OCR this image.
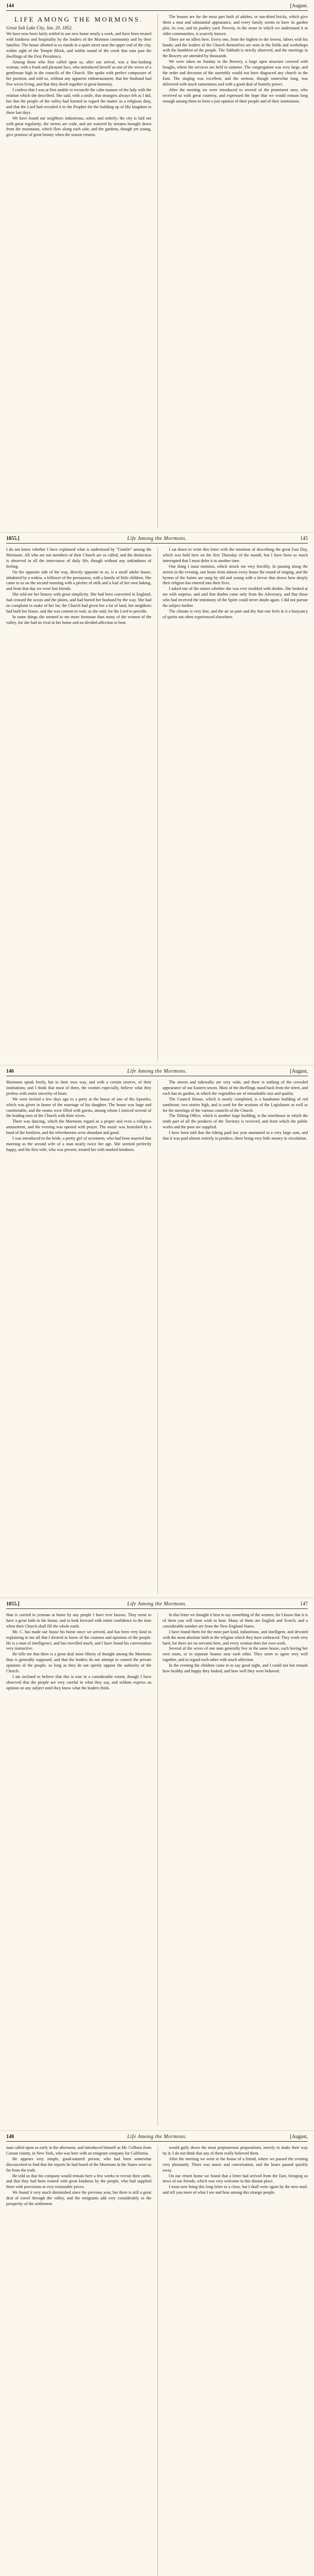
144	[August.
LIFE AMONG THE MORMONS.
Great Salt Lake City, Jan. 20, 1852.

We have now been fairly settled in our new home nearly a week, and have been treated with kindness and hospitality by the leaders of the Mormon community and by their families. The house allotted to us stands in a quiet street near the upper end of the city, within sight of the Temple Block, and within sound of the creek that runs past the dwellings of the First Presidency.

Among those who first called upon us, after our arrival, was a fine-looking woman, with a frank and pleasant face, who introduced herself as one of the wives of a gentleman high in the councils of the Church. She spoke with perfect composure of her position, and told us, without any apparent embarrassment, that her husband had five wives living, and that they dwelt together in great harmony.

I confess that I was at first unable to reconcile the calm manner of the lady with the relation which she described. She said, with a smile, that strangers always felt as I did, but that the people of the valley had learned to regard the matter as a religious duty, and that the Lord had revealed it to the Prophet for the building up of His kingdom in these last days.

We have found our neighbors industrious, sober, and orderly; the city is laid out with great regularity; the streets are wide, and are watered by streams brought down from the mountains, which flow along each side; and the gardens, though yet young, give promise of great beauty when the season returns.

The houses are for the most part built of adobes, or sun-dried bricks, which give them a neat and substantial appearance, and every family seems to have its garden plot, its cow, and its poultry yard. Poverty, in the sense in which we understand it in older communities, is scarcely known.

There are no idlers here. Every one, from the highest to the lowest, labors with his hands; and the leaders of the Church themselves are seen in the fields and workshops with the humblest of the people. The Sabbath is strictly observed, and the meetings in the Bowery are attended by thousands.

We were taken on Sunday to the Bowery, a large open structure covered with boughs, where the services are held in summer. The congregation was very large, and the order and decorum of the assembly would not have disgraced any church in the East. The singing was excellent, and the sermon, though somewhat long, was delivered with much earnestness and with a good deal of homely power.

After the meeting we were introduced to several of the prominent men, who received us with great courtesy, and expressed the hope that we would remain long enough among them to form a just opinion of their people and of their institutions.

1855.]	Life Among the Mormons.	145

I do not know whether I have explained what is understood by "Gentile" among the Mormons. All who are not members of their Church are so called, and the distinction is observed in all the intercourse of daily life, though without any unkindness of feeling.

On the opposite side of the way, directly opposite to us, is a small adobe house, inhabited by a widow, a follower of the persuasion, with a family of little children. She came to us on the second morning with a pitcher of milk and a loaf of her own baking, and from that day we were fast friends.

She told me her history with great simplicity. She had been converted in England, had crossed the ocean and the plains, and had buried her husband by the way. She had no complaint to make of her lot; the Church had given her a lot of land, her neighbors had built her house, and she was content to wait, as she said, for the Lord to provide.

In some things she seemed to me more fortunate than many of the women of the valley, for she had no rival in her home and no divided affection to bear.

I sat down to write this letter with the intention of describing the great Fast Day, which was held here on the first Thursday of the month, but I have been so much interrupted that I must defer it to another time.

One thing I must mention, which struck me very forcibly. In passing along the streets in the evening, one hears from almost every house the sound of singing, and the hymns of the Saints are sung by old and young with a fervor that shows how deeply their religion has entered into their lives.

I asked one of the sisters whether she was ever troubled with doubts. She looked at me with surprise, and said that doubts came only from the Adversary, and that those who had received the testimony of the Spirit could never doubt again. I did not pursue the subject further.

The climate is very fine, and the air so pure and dry that one feels in it a buoyancy of spirits not often experienced elsewhere.

146	Life Among the Mormons.	[August,

Mormons speak freely, but in their own way, and with a certain reserve, of their institutions; and I think that most of them, the women especially, believe what they profess with entire sincerity of heart.

We were invited a few days ago to a party at the house of one of the Apostles, which was given in honor of the marriage of his daughter. The house was large and comfortable, and the rooms were filled with guests, among whom I noticed several of the leading men of the Church with their wives.

There was dancing, which the Mormons regard as a proper and even a religious amusement, and the evening was opened with prayer. The music was furnished by a band of the brethren, and the refreshments were abundant and good.

I was introduced to the bride, a pretty girl of seventeen, who had been married that morning as the second wife of a man nearly twice her age. She seemed perfectly happy, and the first wife, who was present, treated her with marked kindness.

The streets and sidewalks are very wide, and there is nothing of the crowded appearance of our Eastern towns. Most of the dwellings stand back from the street, and each has its garden, in which the vegetables are of remarkable size and quality.

The Council House, which is nearly completed, is a handsome building of red sandstone, two stories high, and is used for the sessions of the Legislature as well as for the meetings of the various councils of the Church.

The Tithing Office, which is another large building, is the storehouse in which the tenth part of all the products of the Territory is received, and from which the public works and the poor are supplied.

I have been told that the tithing paid last year amounted to a very large sum, and that it was paid almost entirely in produce, there being very little money in circulation.

1855.]	Life Among the Mormons.	147

than is carried in yeoman at home by any people I have ever known. They seem to have a great faith in the future, and to look forward with entire confidence to the time when their Church shall fill the whole earth.

Mr. C. has made our house his home since we arrived, and has been very kind in explaining to me all that I desired to know of the customs and opinions of the people. He is a man of intelligence, and has travelled much, and I have found his conversation very instructive.

He tells me that there is a great deal more liberty of thought among the Mormons than is generally supposed, and that the leaders do not attempt to control the private opinions of the people, so long as they do not openly oppose the authority of the Church.

I am inclined to believe that this is true to a considerable extent, though I have observed that the people are very careful in what they say, and seldom express an opinion on any subject until they know what the leaders think.

In this letter we thought it best to say something of the women, for I know that it is of them you will most wish to hear. Many of them are English and Scotch, and a considerable number are from the New England States.

I have found them for the most part kind, industrious, and intelligent, and devoted with the most absolute faith to the religion which they have embraced. They work very hard, for there are no servants here, and every woman does her own work.

Several of the wives of one man generally live in the same house, each having her own room, or in separate houses near each other. They seem to agree very well together, and to regard each other with much affection.

In the evening the children came in to say good night, and I could not but remark how healthy and happy they looked, and how well they were behaved.

148	Life Among the Mormons.	[August,

man called upon us early in the afternoon, and introduced himself as Mr. Colburn from Carson county, in New York, who was here with an emigrant company for California.

He appears very simple, good-natured person, who had been somewhat disconcerted to find that the reports he had heard of the Mormons in the States were so far from the truth.

He told us that his company would remain here a few weeks to recruit their cattle, and that they had been treated with great kindness by the people, who had supplied them with provisions at very reasonable prices.

We found it very much diminished since the previous year, but there is still a great deal of travel through the valley, and the emigrants add very considerably to the prosperity of the settlement.

would gaily down the most preposterous propositions, merely to make their way by it; I do not think that any of them really believed them.

After the meeting we went to the house of a friend, where we passed the evening very pleasantly. There was music and conversation, and the hours passed quickly away.

On our return home we found that a letter had arrived from the East, bringing us news of our friends, which was very welcome in this distant place.

I must now bring this long letter to a close, but I shall write again by the next mail, and tell you more of what I see and hear among this strange people.
